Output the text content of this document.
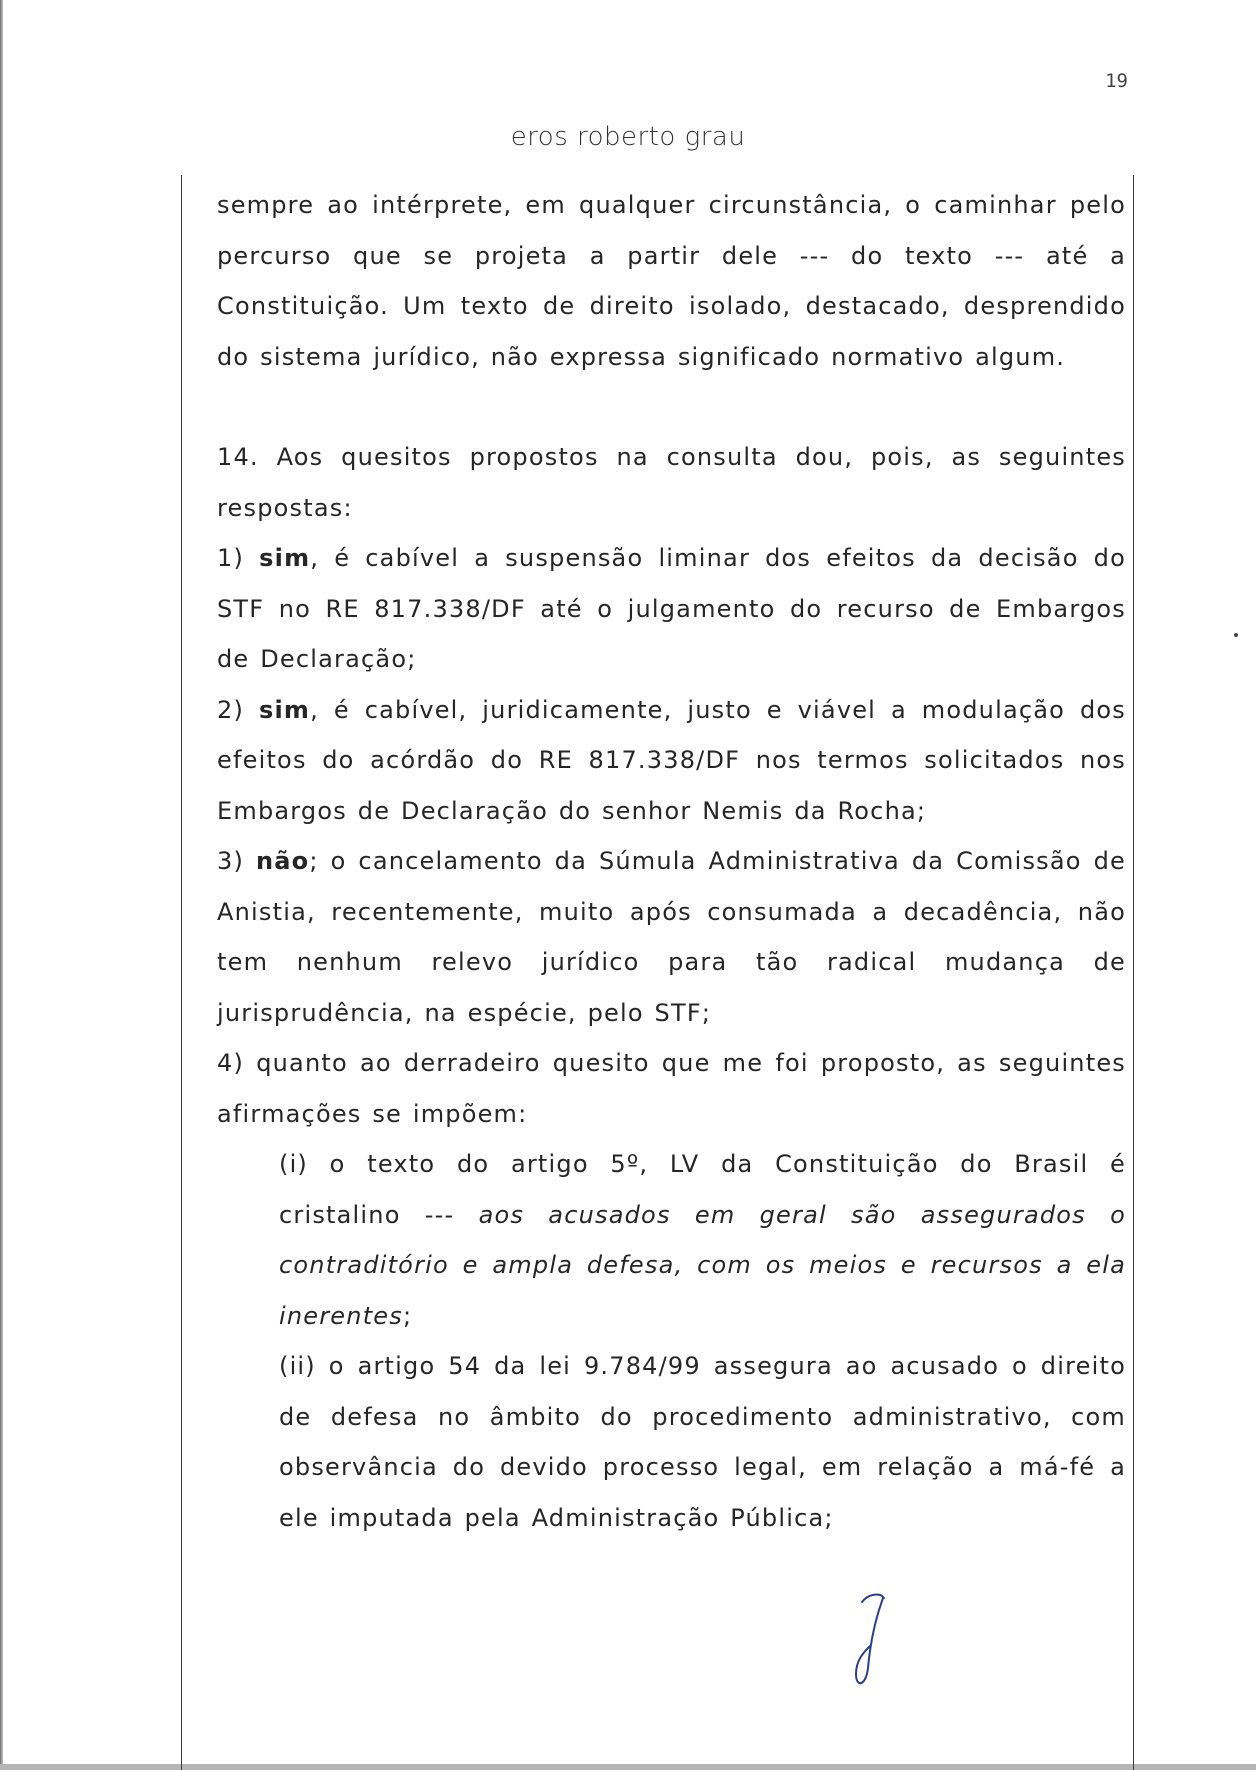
19
eros roberto grau

sempre ao intérprete, em qualquer circunstância, o caminhar pelo percurso que se projeta a partir dele --- do texto --- até a Constituição. Um texto de direito isolado, destacado, desprendido do sistema jurídico, não expressa significado normativo algum.

14. Aos quesitos propostos na consulta dou, pois, as seguintes respostas:

1) sim, é cabível a suspensão liminar dos efeitos da decisão do STF no RE 817.338/DF até o julgamento do recurso de Embargos de Declaração;

2) sim, é cabível, juridicamente, justo e viável a modulação dos efeitos do acórdão do RE 817.338/DF nos termos solicitados nos Embargos de Declaração do senhor Nemis da Rocha;

3) não; o cancelamento da Súmula Administrativa da Comissão de Anistia, recentemente, muito após consumada a decadência, não tem nenhum relevo jurídico para tão radical mudança de jurisprudência, na espécie, pelo STF;

4) quanto ao derradeiro quesito que me foi proposto, as seguintes afirmações se impõem:

(i) o texto do artigo 5º, LV da Constituição do Brasil é cristalino --- aos acusados em geral são assegurados o contraditório e ampla defesa, com os meios e recursos a ela inerentes;

(ii) o artigo 54 da lei 9.784/99 assegura ao acusado o direito de defesa no âmbito do procedimento administrativo, com observância do devido processo legal, em relação a má-fé a ele imputada pela Administração Pública;
